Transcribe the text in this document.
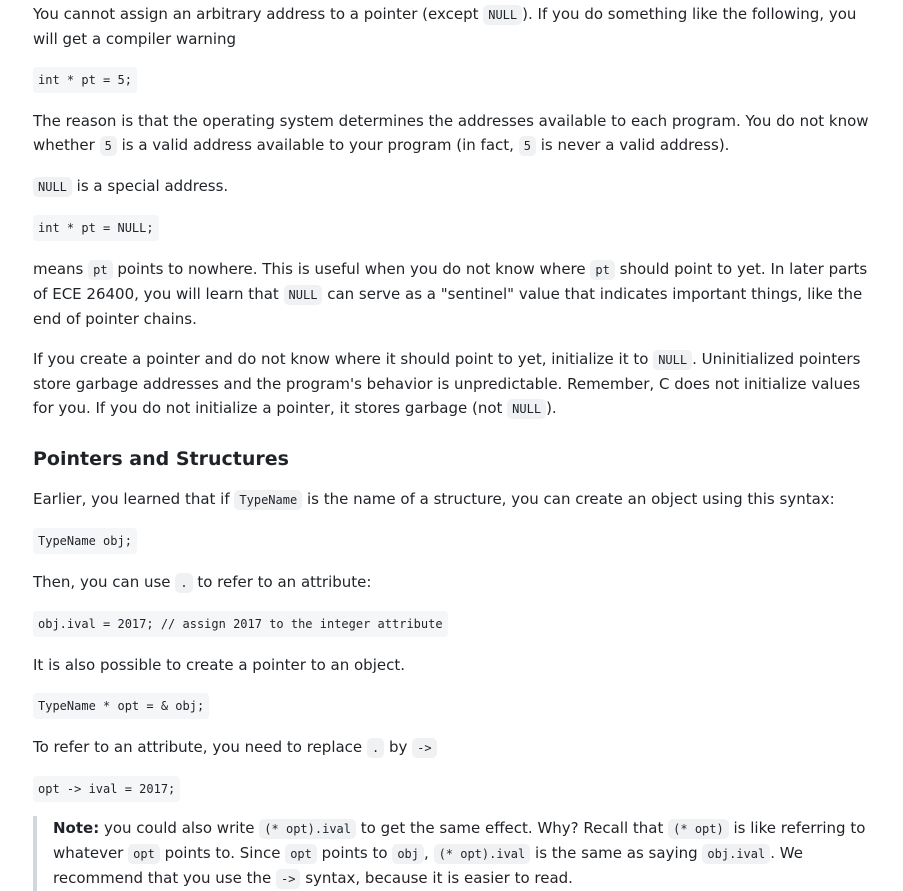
You cannot assign an arbitrary address to a pointer (except NULL ). If you do something like the following, you will get a compiler warning

int * pt = 5;

The reason is that the operating system determines the addresses available to each program. You do not know whether 5 is a valid address available to your program (in fact, 5 is never a valid address).

NULL is a special address.

int * pt = NULL;

means pt points to nowhere. This is useful when you do not know where pt should point to yet. In later parts of ECE 26400, you will learn that NULL can serve as a "sentinel" value that indicates important things, like the end of pointer chains.

If you create a pointer and do not know where it should point to yet, initialize it to NULL . Uninitialized pointers store garbage addresses and the program's behavior is unpredictable. Remember, C does not initialize values for you. If you do not initialize a pointer, it stores garbage (not NULL ).

Pointers and Structures

Earlier, you learned that if TypeName is the name of a structure, you can create an object using this syntax:

TypeName obj;

Then, you can use . to refer to an attribute:

obj.ival = 2017; // assign 2017 to the integer attribute

It is also possible to create a pointer to an object.

TypeName * opt = & obj;

To refer to an attribute, you need to replace . by ->

opt -> ival = 2017;

Note: you could also write (* opt).ival to get the same effect. Why? Recall that (* opt) is like referring to whatever opt points to. Since opt points to obj , (* opt).ival is the same as saying obj.ival . We recommend that you use the -> syntax, because it is easier to read.
